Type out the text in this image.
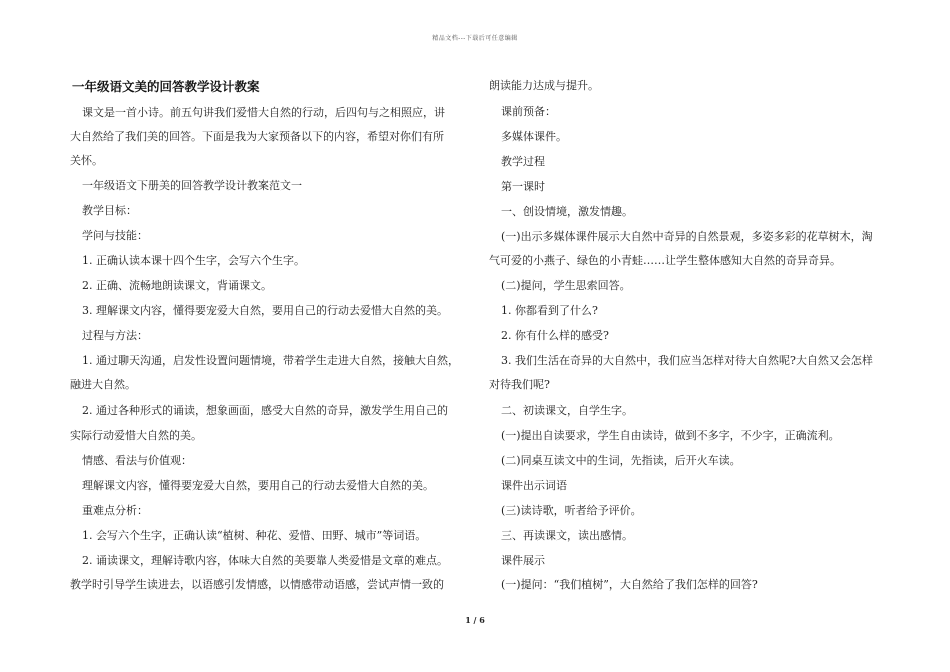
精品文档---下载后可任意编辑

一年级语文美的回答教学设计教案

课文是一首小诗。前五句讲我们爱惜大自然的行动，后四句与之相照应，讲

大自然给了我们美的回答。下面是我为大家预备以下的内容，希望对你们有所

关怀。

一年级语文下册美的回答教学设计教案范文一

教学目标：

学问与技能：

1. 正确认读本课十四个生字，会写六个生字。

2. 正确、流畅地朗读课文，背诵课文。

3. 理解课文内容，懂得要宠爱大自然，要用自己的行动去爱惜大自然的美。

过程与方法：

1. 通过聊天沟通，启发性设置问题情境，带着学生走进大自然，接触大自然，

融进大自然。

2. 通过各种形式的诵读，想象画面，感受大自然的奇异，激发学生用自己的

实际行动爱惜大自然的美。

情感、看法与价值观：

理解课文内容，懂得要宠爱大自然，要用自己的行动去爱惜大自然的美。

重难点分析：

1. 会写六个生字，正确认读“植树、种花、爱惜、田野、城市”等词语。

2. 诵读课文，理解诗歌内容，体味大自然的美要靠人类爱惜是文章的难点。

教学时引导学生读进去，以语感引发情感，以情感带动语感，尝试声情一致的

朗读能力达成与提升。

课前预备：

多媒体课件。

教学过程

第一课时

一、创设情境，激发情趣。

(一)出示多媒体课件展示大自然中奇异的自然景观，多姿多彩的花草树木，淘

气可爱的小燕子、绿色的小青蛙……让学生整体感知大自然的奇异奇异。

(二)提问，学生思索回答。

1. 你都看到了什么?

2. 你有什么样的感受?

3. 我们生活在奇异的大自然中，我们应当怎样对待大自然呢?大自然又会怎样

对待我们呢?

二、初读课文，自学生字。

(一)提出自读要求，学生自由读诗，做到不多字，不少字，正确流利。

(二)同桌互读文中的生词，先指读，后开火车读。

课件出示词语

(三)读诗歌，听者给予评价。

三、再读课文，读出感情。

课件展示

(一)提问：“我们植树”，大自然给了我们怎样的回答?

1 / 6
